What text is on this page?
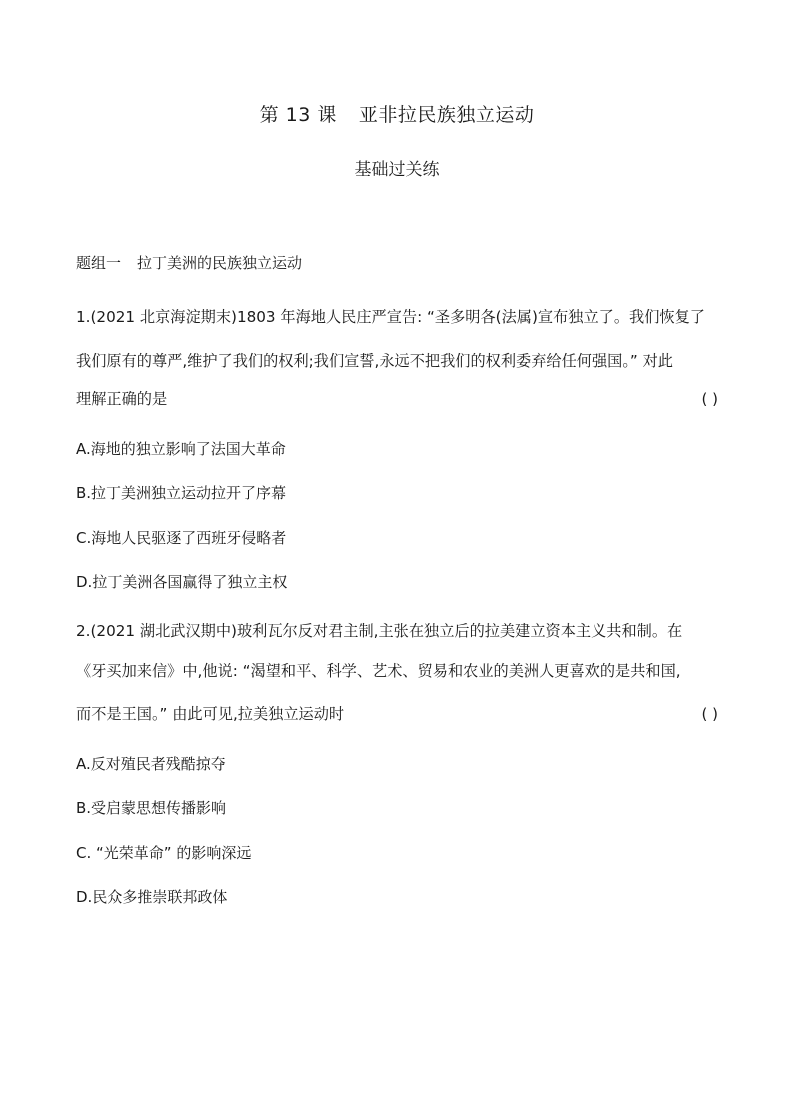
第 13 课 亚非拉民族独立运动
基础过关练
题组一 拉丁美洲的民族独立运动
1.(2021 北京海淀期末)1803 年海地人民庄严宣告: “圣多明各(法属)宣布独立了。我们恢复了
我们原有的尊严,维护了我们的权利;我们宣誓,永远不把我们的权利委弃给任何强国。” 对此
理解正确的是	( )
A.海地的独立影响了法国大革命
B.拉丁美洲独立运动拉开了序幕
C.海地人民驱逐了西班牙侵略者
D.拉丁美洲各国赢得了独立主权
2.(2021 湖北武汉期中)玻利瓦尔反对君主制,主张在独立后的拉美建立资本主义共和制。在
《牙买加来信》中,他说: “渴望和平、科学、艺术、贸易和农业的美洲人更喜欢的是共和国,
而不是王国。” 由此可见,拉美独立运动时	( )
A.反对殖民者残酷掠夺
B.受启蒙思想传播影响
C. “光荣革命” 的影响深远
D.民众多推崇联邦政体
